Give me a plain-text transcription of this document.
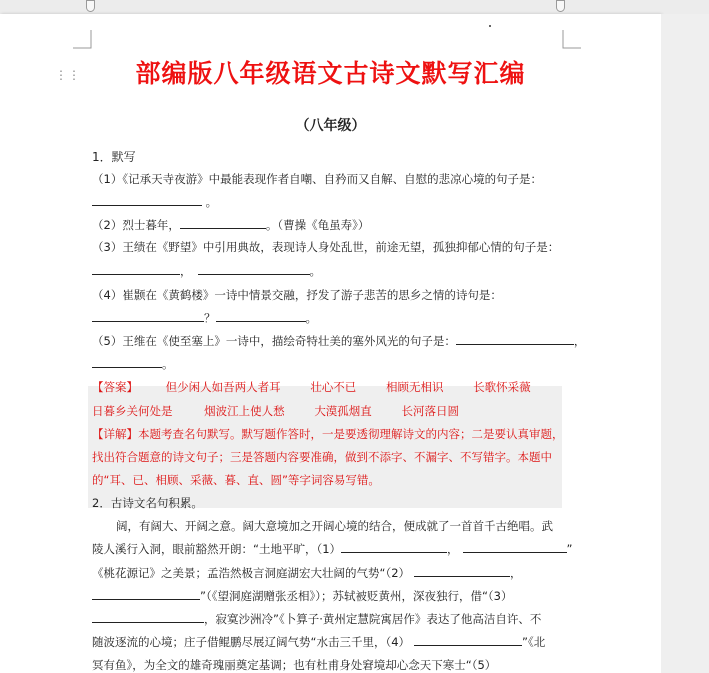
⋮⋮	部编版八年级语文古诗文默写汇编
（八年级）
1．默写
（1）《记承天寺夜游》中最能表现作者自嘲、自矜而又自解、自慰的悲凉心境的句子是：
。
（2）烈士暮年，	。（曹操《龟虽寿》）
（3）王绩在《野望》中引用典故，表现诗人身处乱世，前途无望，孤独抑郁心情的句子是：
，	。
（4）崔颢在《黄鹤楼》一诗中情景交融，抒发了游子悲苦的思乡之情的诗句是：
？	。
（5）王维在《使至塞上》一诗中，描绘奇特壮美的塞外风光的句子是：	，
。
【答案】 但少闲人如吾两人者耳	壮心不已	相顾无相识	长歌怀采薇
日暮乡关何处是	烟波江上使人愁	大漠孤烟直	长河落日圆
【详解】本题考查名句默写。默写题作答时，一是要透彻理解诗文的内容；二是要认真审题，
找出符合题意的诗文句子；三是答题内容要准确，做到不添字、不漏字、不写错字。本题中
的“耳、已、相顾、采薇、暮、直、圆”等字词容易写错。
2．古诗文名句积累。
阔，有阔大、开阔之意。阔大意境加之开阔心境的结合，便成就了一首首千古绝唱。武
陵人溪行入洞，眼前豁然开朗：“土地平旷，（1）	，	”
《桃花源记》之美景；孟浩然极言洞庭湖宏大壮阔的气势“（2）	，
”（《望洞庭湖赠张丞相》）；苏轼被贬黄州，深夜独行，借“（3）
，寂寞沙洲冷”《卜算子·黄州定慧院寓居作》表达了他高洁自许、不
随波逐流的心境；庄子借鲲鹏尽展辽阔气势“水击三千里，（4）	”《北
冥有鱼》，为全文的雄奇瑰丽奠定基调；也有杜甫身处窘境却心念天下寒士“（5）
